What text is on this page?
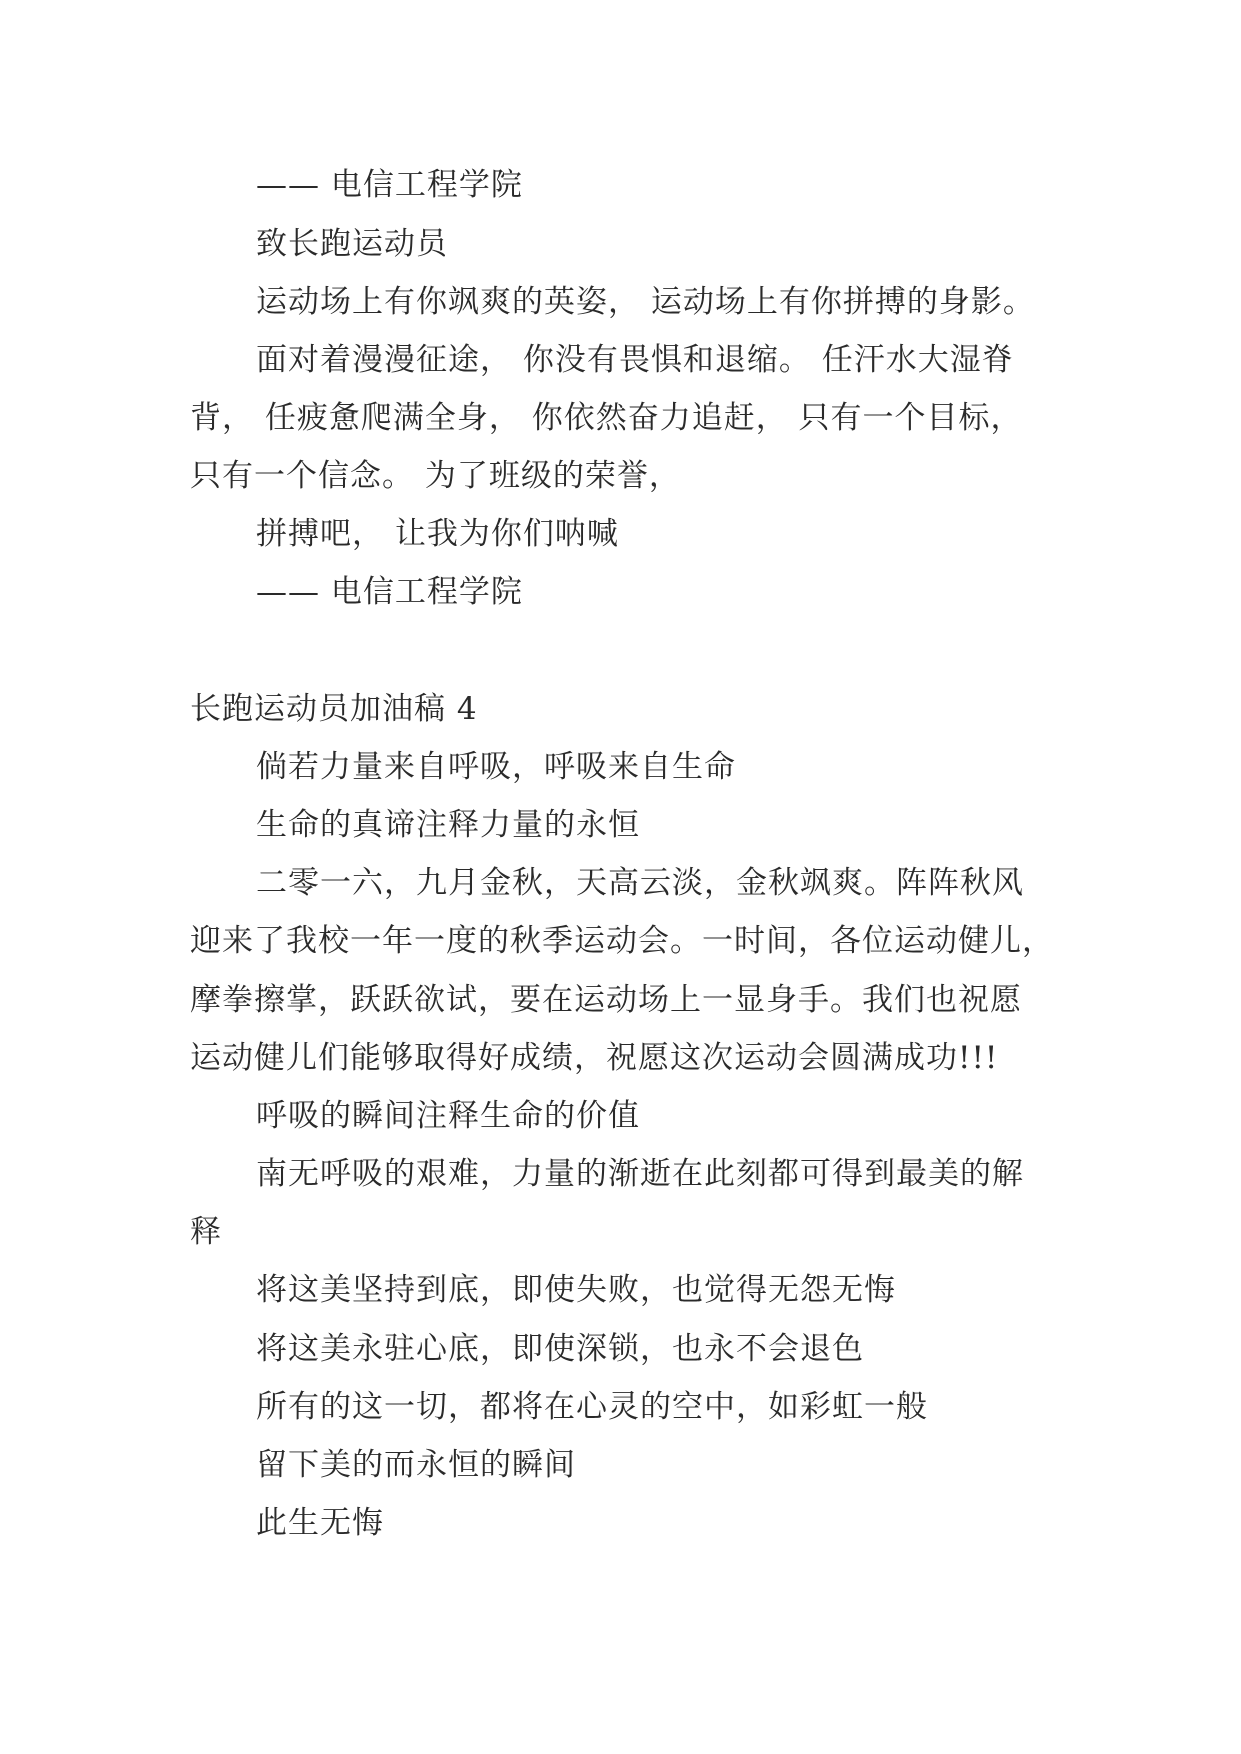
—— 电信工程学院
致长跑运动员
运动场上有你飒爽的英姿， 运动场上有你拼搏的身影。
面对着漫漫征途， 你没有畏惧和退缩。 任汗水大湿脊
背， 任疲惫爬满全身， 你依然奋力追赶， 只有一个目标，
只有一个信念。 为了班级的荣誉，
拼搏吧， 让我为你们呐喊
—— 电信工程学院
长跑运动员加油稿 4
倘若力量来自呼吸，呼吸来自生命
生命的真谛注释力量的永恒
二零一六，九月金秋，天高云淡，金秋飒爽。阵阵秋风
迎来了我校一年一度的秋季运动会。一时间，各位运动健儿，
摩拳擦掌，跃跃欲试，要在运动场上一显身手。我们也祝愿
运动健儿们能够取得好成绩，祝愿这次运动会圆满成功!!!
呼吸的瞬间注释生命的价值
南无呼吸的艰难，力量的渐逝在此刻都可得到最美的解
释
将这美坚持到底，即使失败，也觉得无怨无悔
将这美永驻心底，即使深锁，也永不会退色
所有的这一切，都将在心灵的空中，如彩虹一般
留下美的而永恒的瞬间
此生无悔
